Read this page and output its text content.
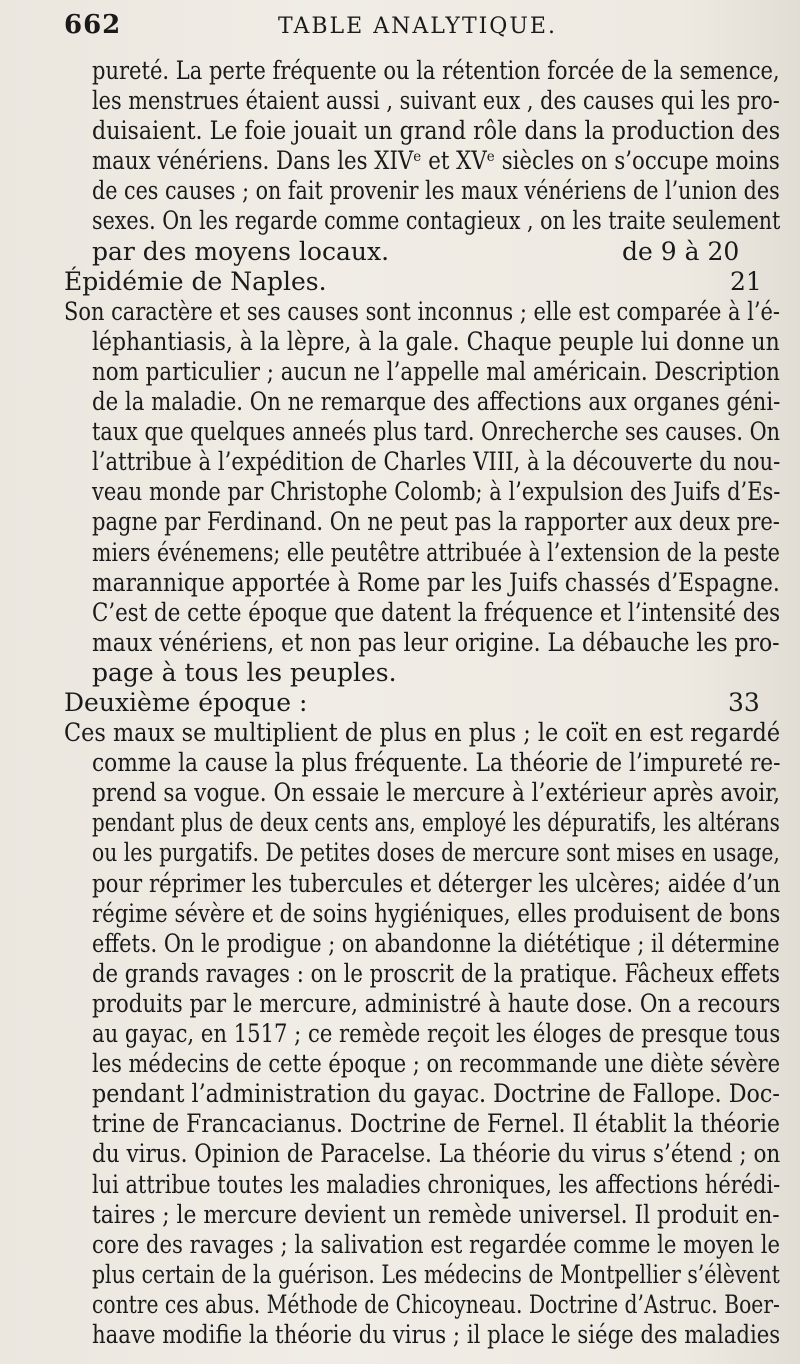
662	TABLE ANALYTIQUE.
pureté. La perte fréquente ou la rétention forcée de la semence,
les menstrues étaient aussi , suivant eux , des causes qui les pro-
duisaient. Le foie jouait un grand rôle dans la production des
maux vénériens. Dans les XIVᵉ et XVᵉ siècles on s’occupe moins
de ces causes ; on fait provenir les maux vénériens de l’union des
sexes. On les regarde comme contagieux , on les traite seulement
par des moyens locaux.	de 9 à 20
Épidémie de Naples.	21
Son caractère et ses causes sont inconnus ; elle est comparée à l’é-
léphantiasis, à la lèpre, à la gale. Chaque peuple lui donne un
nom particulier ; aucun ne l’appelle mal américain. Description
de la maladie. On ne remarque des affections aux organes géni-
taux que quelques anneés plus tard. Onrecherche ses causes. On
l’attribue à l’expédition de Charles VIII, à la découverte du nou-
veau monde par Christophe Colomb; à l’expulsion des Juifs d’Es-
pagne par Ferdinand. On ne peut pas la rapporter aux deux pre-
miers événemens; elle peutêtre attribuée à l’extension de la peste
marannique apportée à Rome par les Juifs chassés d’Espagne.
C’est de cette époque que datent la fréquence et l’intensité des
maux vénériens, et non pas leur origine. La débauche les pro-
page à tous les peuples.
Deuxième époque :	33
Ces maux se multiplient de plus en plus ; le coït en est regardé
comme la cause la plus fréquente. La théorie de l’impureté re-
prend sa vogue. On essaie le mercure à l’extérieur après avoir,
pendant plus de deux cents ans, employé les dépuratifs, les altérans
ou les purgatifs. De petites doses de mercure sont mises en usage,
pour réprimer les tubercules et déterger les ulcères; aidée d’un
régime sévère et de soins hygiéniques, elles produisent de bons
effets. On le prodigue ; on abandonne la diététique ; il détermine
de grands ravages : on le proscrit de la pratique. Fâcheux effets
produits par le mercure, administré à haute dose. On a recours
au gayac, en 1517 ; ce remède reçoit les éloges de presque tous
les médecins de cette époque ; on recommande une diète sévère
pendant l’administration du gayac. Doctrine de Fallope. Doc-
trine de Francacianus. Doctrine de Fernel. Il établit la théorie
du virus. Opinion de Paracelse. La théorie du virus s’étend ; on
lui attribue toutes les maladies chroniques, les affections hérédi-
taires ; le mercure devient un remède universel. Il produit en-
core des ravages ; la salivation est regardée comme le moyen le
plus certain de la guérison. Les médecins de Montpellier s’élèvent
contre ces abus. Méthode de Chicoyneau. Doctrine d’Astruc. Boer-
haave modifie la théorie du virus ; il place le siége des maladies
